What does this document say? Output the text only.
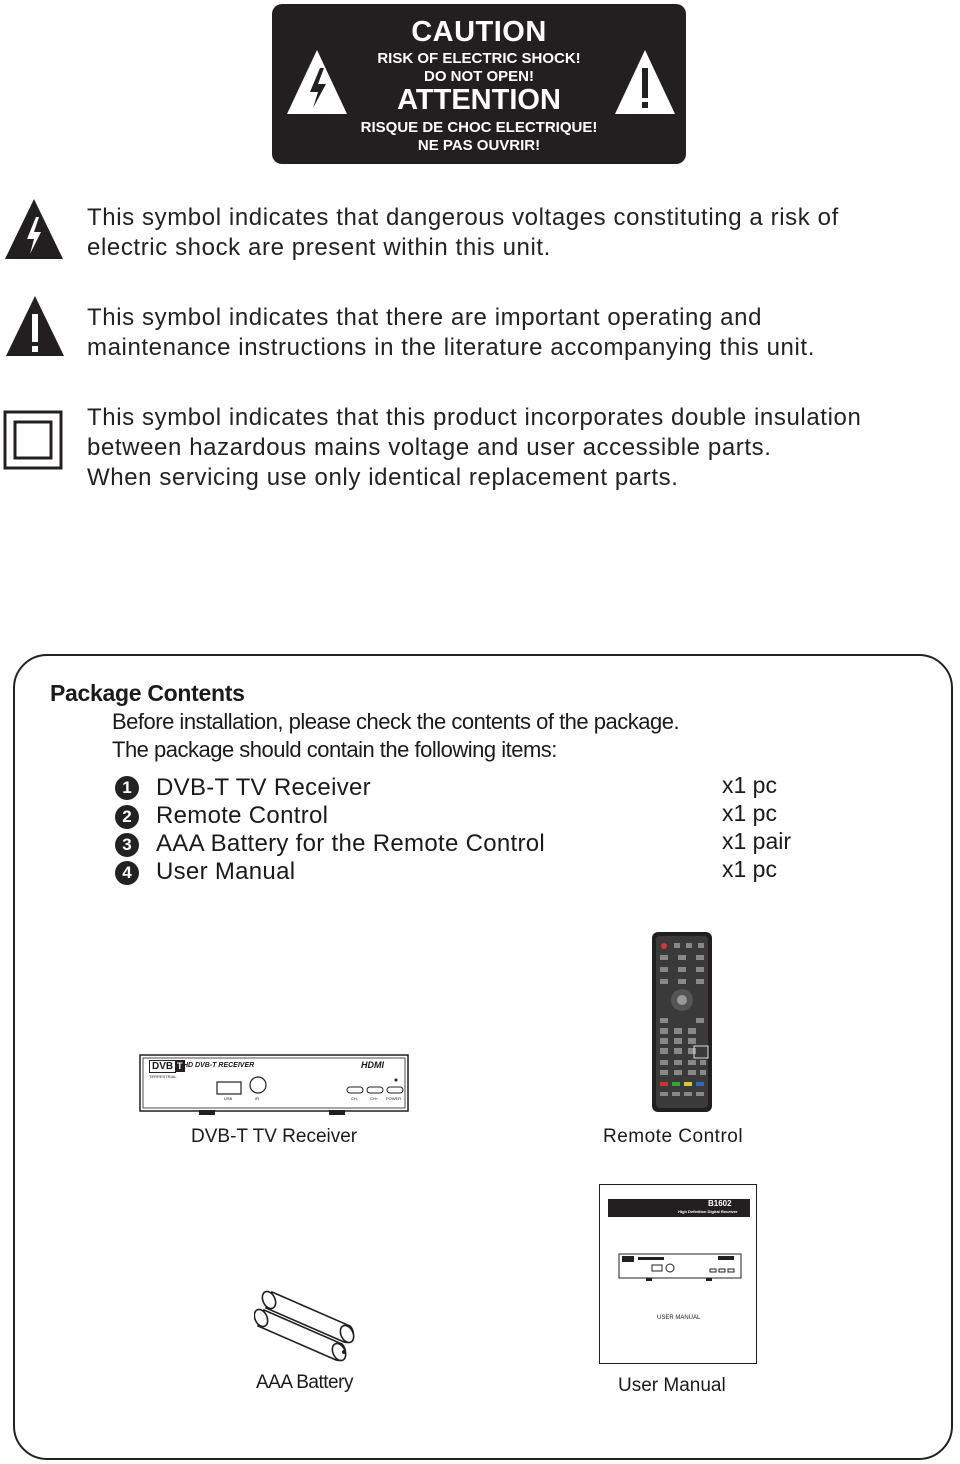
CAUTION
RISK OF ELECTRIC SHOCK!
DO NOT OPEN!
ATTENTION
RISQUE DE CHOC ELECTRIQUE!
NE PAS OUVRIR!
This symbol indicates that dangerous voltages constituting a risk of
electric shock are present within this unit.
This symbol indicates that there are important operating and
maintenance instructions in the literature accompanying this unit.
This symbol indicates that this product incorporates double insulation
between hazardous mains voltage and user accessible parts.
When servicing use only identical replacement parts.
Package Contents
Before installation, please check the contents of the package.
The package should contain the following items:
1	DVB-T TV Receiver	x1 pc
2	Remote Control	x1 pc
3	AAA Battery for the Remote Control	x1 pair
4	User Manual	x1 pc
DVB T
TERRESTRIAL
HD DVB-T RECEIVER	HDMI
USB	IR	CH-	CH+ POWER
DVB-T TV Receiver	Remote Control
AAA Battery
B1602
High Definition Digital Receiver
USER MANUAL
User Manual
